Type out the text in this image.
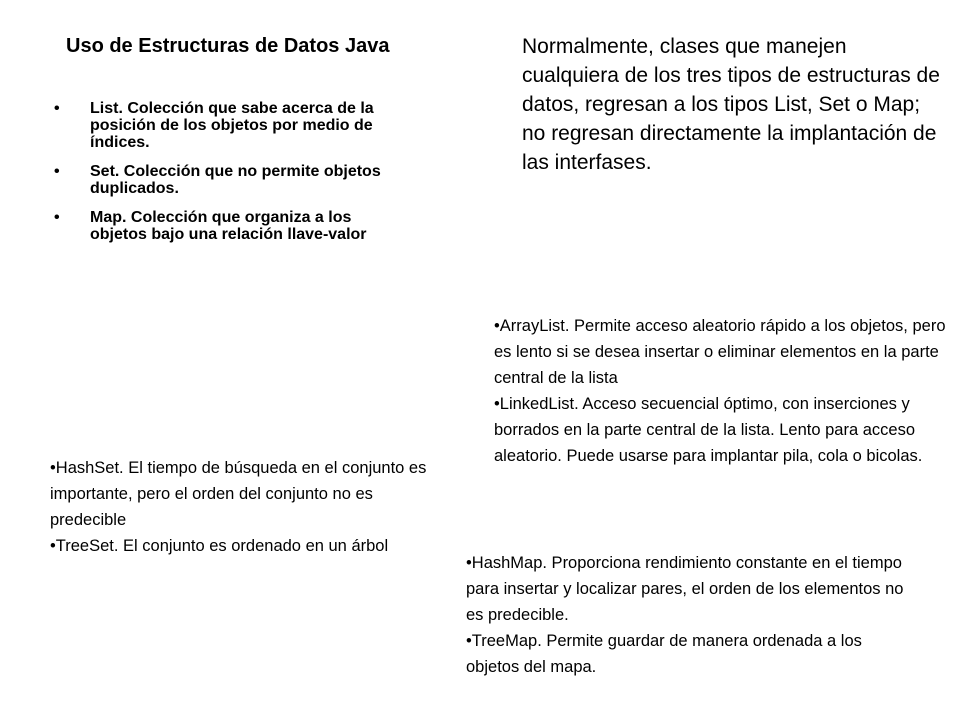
Uso de Estructuras de Datos Java	Normalmente, clases que manejen cualquiera de los tres tipos de estructuras de datos, regresan a los tipos List, Set o Map; no regresan directamente la implantación de las interfases.
• List. Colección que sabe acerca de la posición de los objetos por medio de índices.
• Set. Colección que no permite objetos duplicados.
• Map. Colección que organiza a los objetos bajo una relación llave-valor
•ArrayList. Permite acceso aleatorio rápido a los objetos, pero es lento si se desea insertar o eliminar elementos en la parte central de la lista
•LinkedList. Acceso secuencial óptimo, con inserciones y borrados en la parte central de la lista. Lento para acceso aleatorio. Puede usarse para implantar pila, cola o bicolas.
•HashSet. El tiempo de búsqueda en el conjunto es importante, pero el orden del conjunto no es predecible
•TreeSet. El conjunto es ordenado en un árbol
•HashMap. Proporciona rendimiento constante en el tiempo para insertar y localizar pares, el orden de los elementos no es predecible.
•TreeMap. Permite guardar de manera ordenada a los objetos del mapa.
